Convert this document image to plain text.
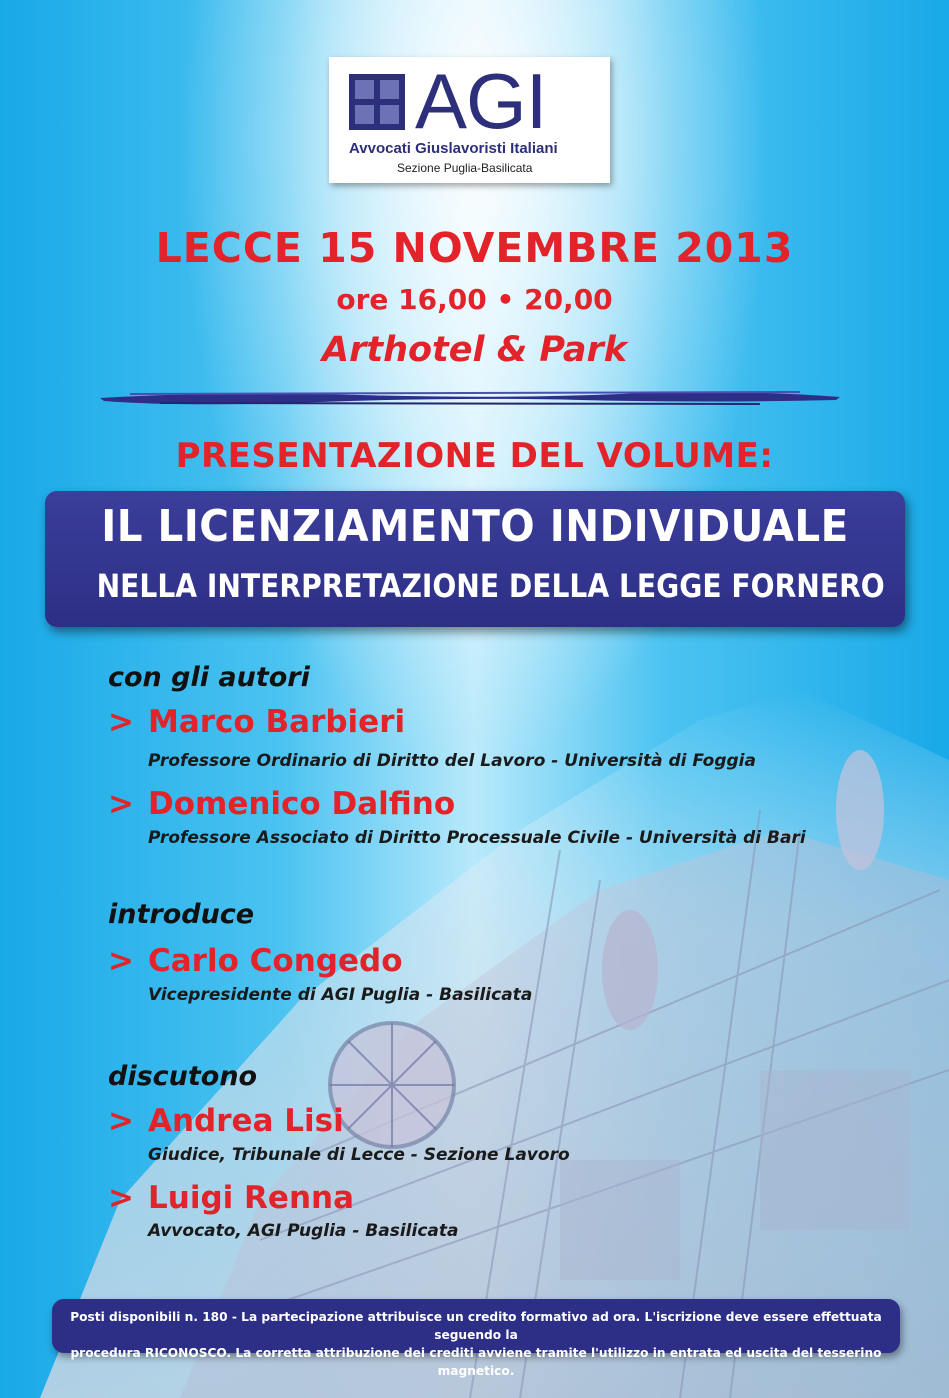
AGI
Avvocati Giuslavoristi Italiani
Sezione Puglia-Basilicata
LECCE 15 NOVEMBRE 2013
ore 16,00 • 20,00
Arthotel & Park
PRESENTAZIONE DEL VOLUME:
IL LICENZIAMENTO INDIVIDUALE
NELLA INTERPRETAZIONE DELLA LEGGE FORNERO
con gli autori
> Marco Barbieri
Professore Ordinario di Diritto del Lavoro - Università di Foggia
> Domenico Dalfino
Professore Associato di Diritto Processuale Civile - Università di Bari
introduce
> Carlo Congedo
Vicepresidente di AGI Puglia - Basilicata
discutono
> Andrea Lisi
Giudice, Tribunale di Lecce - Sezione Lavoro
> Luigi Renna
Avvocato, AGI Puglia - Basilicata
Posti disponibili n. 180 - La partecipazione attribuisce un credito formativo ad ora. L'iscrizione deve essere effettuata seguendo la
procedura RICONOSCO. La corretta attribuzione dei crediti avviene tramite l'utilizzo in entrata ed uscita del tesserino magnetico.
